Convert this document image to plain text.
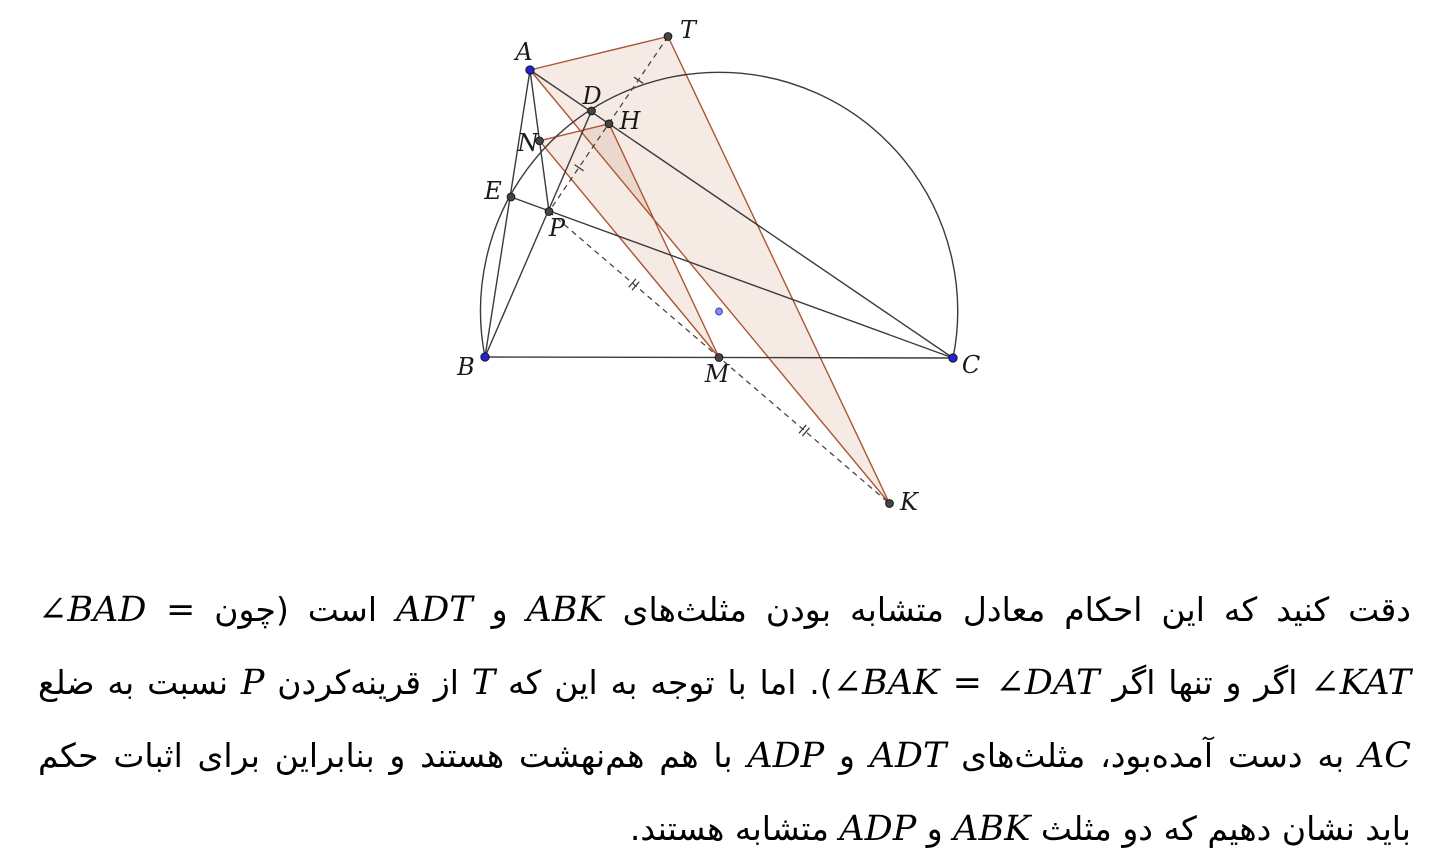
A
B	C
D
E
H
K
M
N
P
T
دقت کنید که این احکام معادل متشابه بودن مثلث‌های ABK و ADT است (چون ∠BAD =
∠KAT اگر و تنها اگر ∠BAK = ∠DAT). اما با توجه به این که T از قرینه‌کردن P نسبت به ضلع
AC به دست آمده‌بود، مثلث‌های ADT و ADP با هم هم‌نهشت هستند و بنابراین برای اثبات حکم
باید نشان دهیم که دو مثلث ABK و ADP متشابه هستند.
